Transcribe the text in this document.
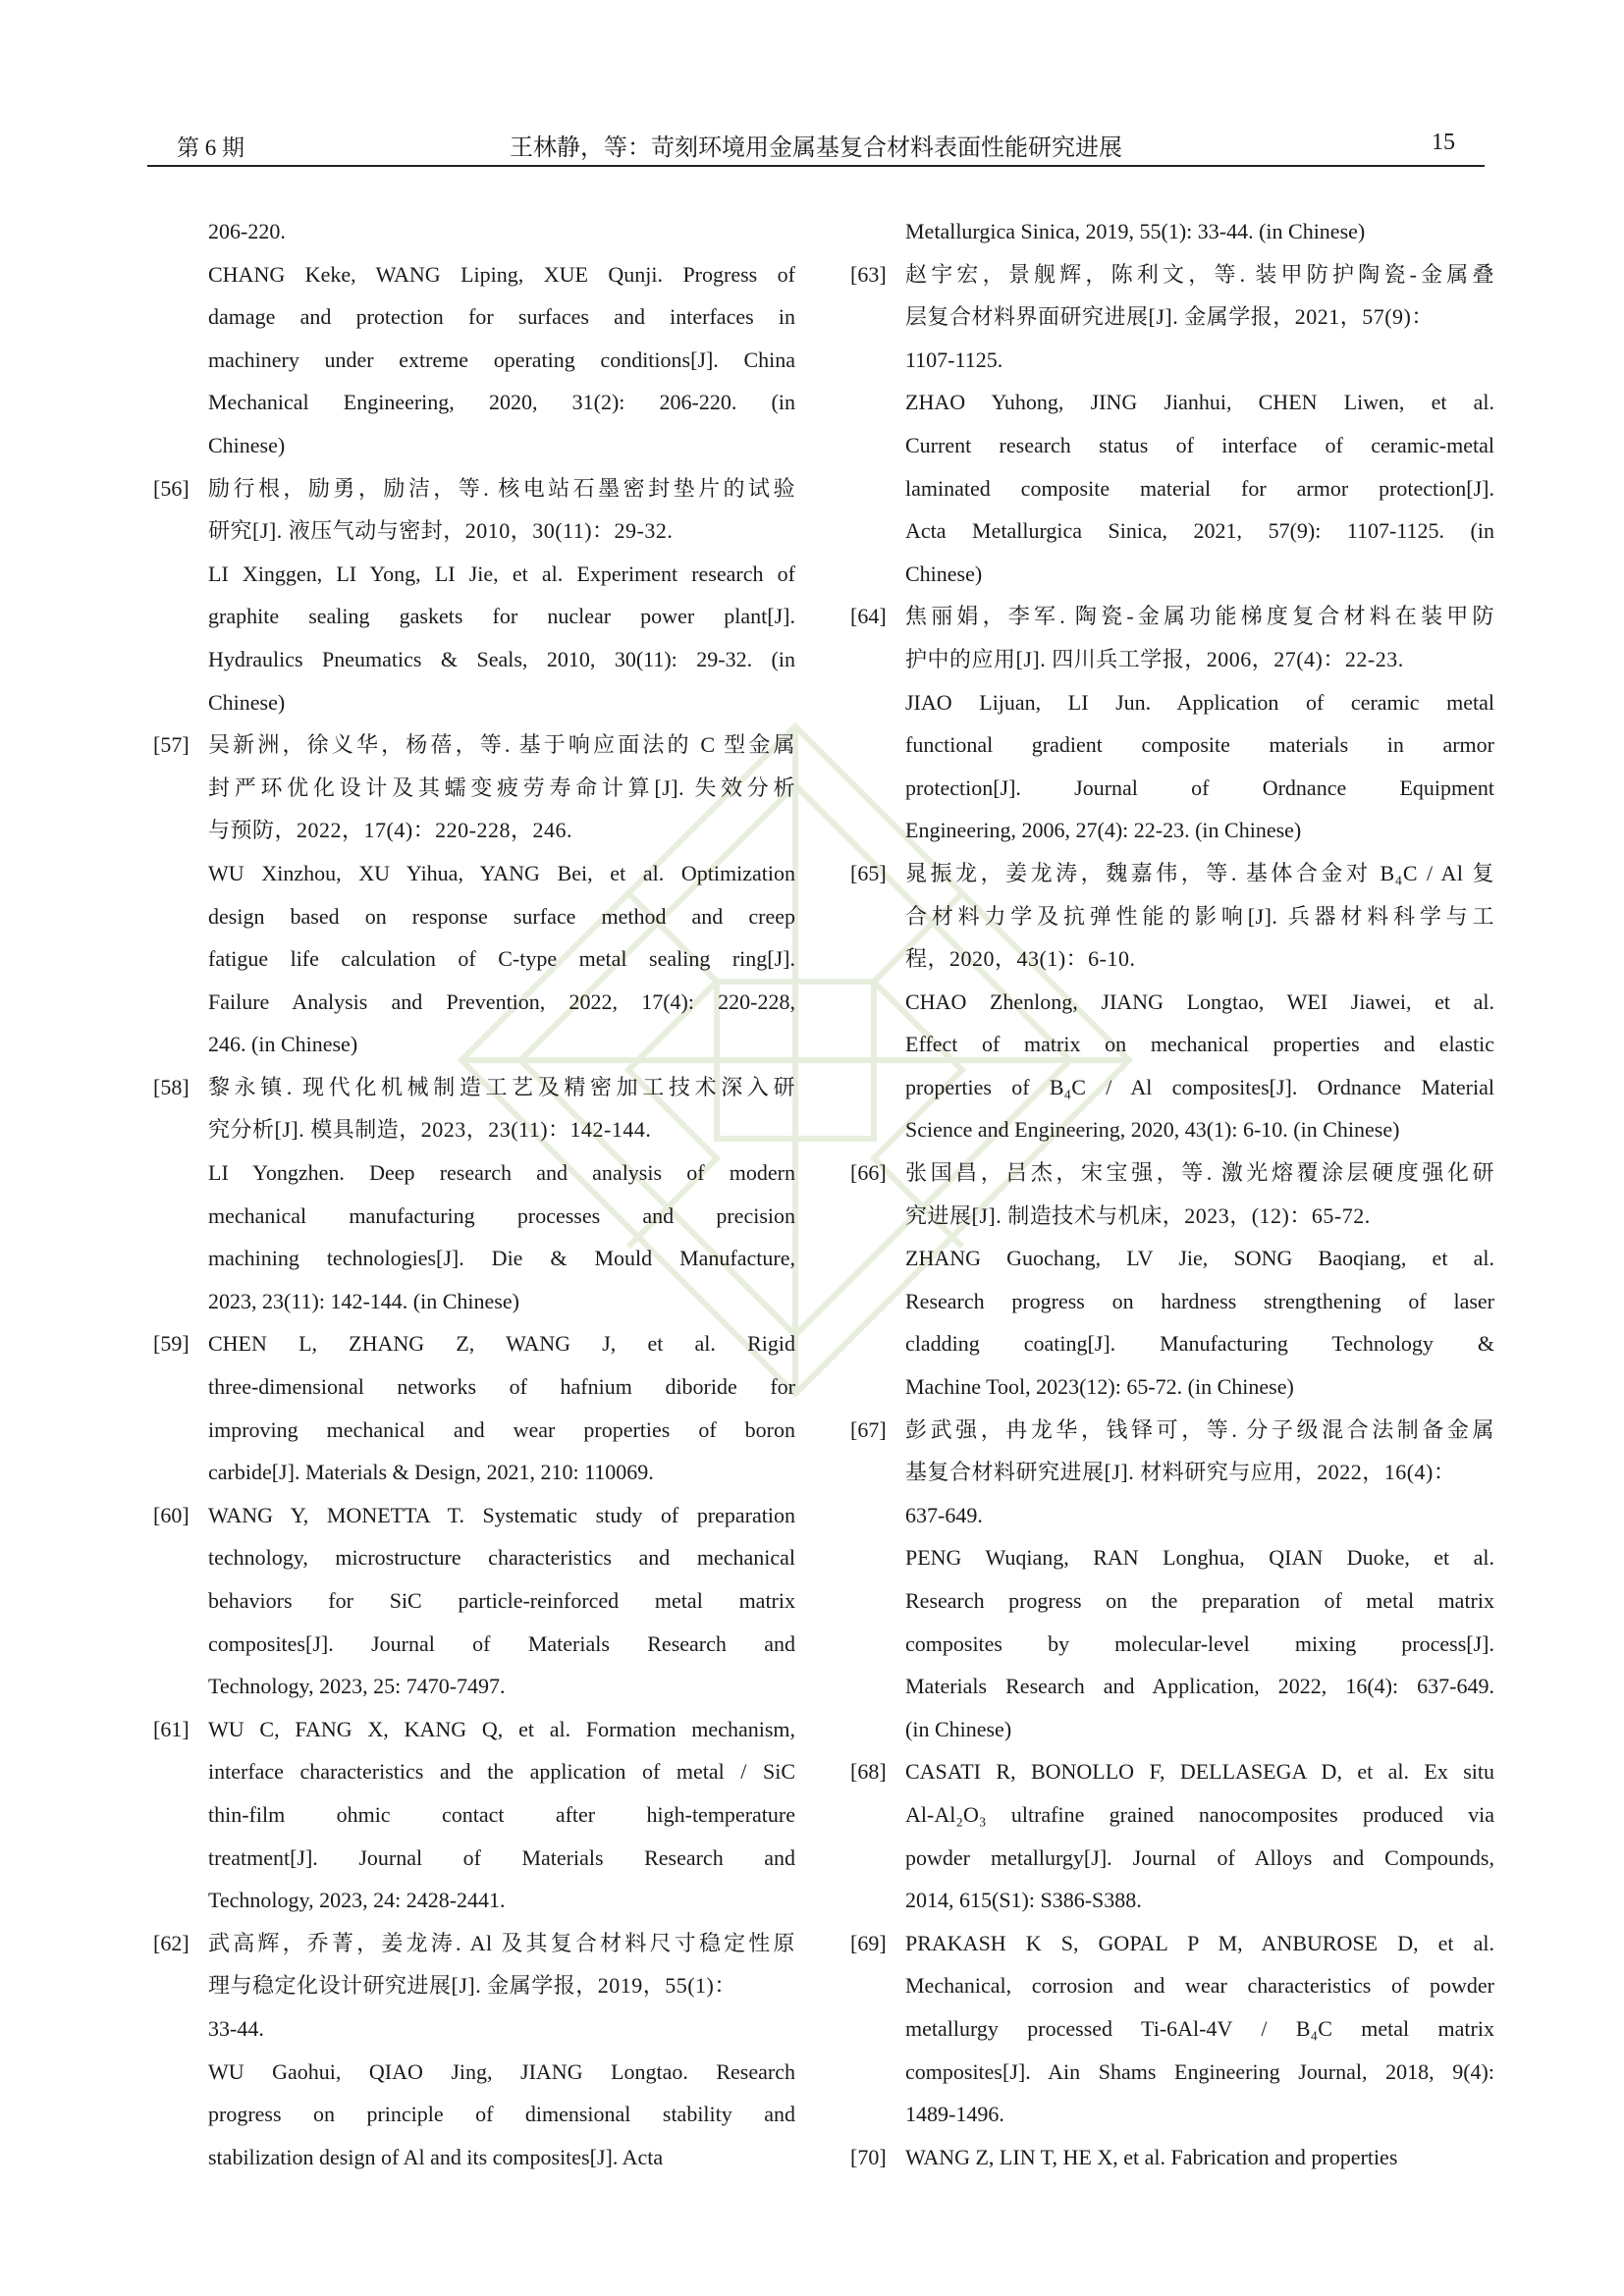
第 6 期	王林静，等：苛刻环境用金属基复合材料表面性能研究进展	15
206-220.
CHANG Keke, WANG Liping, XUE Qunji. Progress of
damage and protection for surfaces and interfaces in
machinery under extreme operating conditions[J]. China
Mechanical Engineering, 2020, 31(2): 206-220. (in
Chinese)
[56] 励行根，励勇，励洁，等. 核电站石墨密封垫片的试验
研究[J]. 液压气动与密封，2010，30(11)：29-32.
LI Xinggen, LI Yong, LI Jie, et al. Experiment research of
graphite sealing gaskets for nuclear power plant[J].
Hydraulics Pneumatics & Seals, 2010, 30(11): 29-32. (in
Chinese)
[57] 吴新洲，徐义华，杨蓓，等. 基于响应面法的 C 型金属
封严环优化设计及其蠕变疲劳寿命计算[J]. 失效分析
与预防，2022，17(4)：220-228，246.
WU Xinzhou, XU Yihua, YANG Bei, et al. Optimization
design based on response surface method and creep
fatigue life calculation of C-type metal sealing ring[J].
Failure Analysis and Prevention, 2022, 17(4): 220-228,
246. (in Chinese)
[58] 黎永镇. 现代化机械制造工艺及精密加工技术深入研
究分析[J]. 模具制造，2023，23(11)：142-144.
LI Yongzhen. Deep research and analysis of modern
mechanical manufacturing processes and precision
machining technologies[J]. Die & Mould Manufacture,
2023, 23(11): 142-144. (in Chinese)
[59] CHEN L, ZHANG Z, WANG J, et al. Rigid
three-dimensional networks of hafnium diboride for
improving mechanical and wear properties of boron
carbide[J]. Materials & Design, 2021, 210: 110069.
[60] WANG Y, MONETTA T. Systematic study of preparation
technology, microstructure characteristics and mechanical
behaviors for SiC particle-reinforced metal matrix
composites[J]. Journal of Materials Research and
Technology, 2023, 25: 7470-7497.
[61] WU C, FANG X, KANG Q, et al. Formation mechanism,
interface characteristics and the application of metal / SiC
thin-film ohmic contact after high-temperature
treatment[J]. Journal of Materials Research and
Technology, 2023, 24: 2428-2441.
[62] 武高辉，乔菁，姜龙涛. Al 及其复合材料尺寸稳定性原
理与稳定化设计研究进展[J]. 金属学报，2019，55(1)：
33-44.
WU Gaohui, QIAO Jing, JIANG Longtao. Research
progress on principle of dimensional stability and
stabilization design of Al and its composites[J]. Acta
Metallurgica Sinica, 2019, 55(1): 33-44. (in Chinese)
[63] 赵宇宏，景舰辉，陈利文，等. 装甲防护陶瓷-金属叠
层复合材料界面研究进展[J]. 金属学报，2021，57(9)：
1107-1125.
ZHAO Yuhong, JING Jianhui, CHEN Liwen, et al.
Current research status of interface of ceramic-metal
laminated composite material for armor protection[J].
Acta Metallurgica Sinica, 2021, 57(9): 1107-1125. (in
Chinese)
[64] 焦丽娟，李军. 陶瓷-金属功能梯度复合材料在装甲防
护中的应用[J]. 四川兵工学报，2006，27(4)：22-23.
JIAO Lijuan, LI Jun. Application of ceramic metal
functional gradient composite materials in armor
protection[J]. Journal of Ordnance Equipment
Engineering, 2006, 27(4): 22-23. (in Chinese)
[65] 晁振龙，姜龙涛，魏嘉伟，等. 基体合金对 B₄C / Al 复
合材料力学及抗弹性能的影响[J]. 兵器材料科学与工
程，2020，43(1)：6-10.
CHAO Zhenlong, JIANG Longtao, WEI Jiawei, et al.
Effect of matrix on mechanical properties and elastic
properties of B₄C / Al composites[J]. Ordnance Material
Science and Engineering, 2020, 43(1): 6-10. (in Chinese)
[66] 张国昌，吕杰，宋宝强，等. 激光熔覆涂层硬度强化研
究进展[J]. 制造技术与机床，2023，(12)：65-72.
ZHANG Guochang, LV Jie, SONG Baoqiang, et al.
Research progress on hardness strengthening of laser
cladding coating[J]. Manufacturing Technology &
Machine Tool, 2023(12): 65-72. (in Chinese)
[67] 彭武强，冉龙华，钱铎可，等. 分子级混合法制备金属
基复合材料研究进展[J]. 材料研究与应用，2022，16(4)：
637-649.
PENG Wuqiang, RAN Longhua, QIAN Duoke, et al.
Research progress on the preparation of metal matrix
composites by molecular-level mixing process[J].
Materials Research and Application, 2022, 16(4): 637-649.
(in Chinese)
[68] CASATI R, BONOLLO F, DELLASEGA D, et al. Ex situ
Al-Al₂O₃ ultrafine grained nanocomposites produced via
powder metallurgy[J]. Journal of Alloys and Compounds,
2014, 615(S1): S386-S388.
[69] PRAKASH K S, GOPAL P M, ANBUROSE D, et al.
Mechanical, corrosion and wear characteristics of powder
metallurgy processed Ti-6Al-4V / B₄C metal matrix
composites[J]. Ain Shams Engineering Journal, 2018, 9(4):
1489-1496.
[70] WANG Z, LIN T, HE X, et al. Fabrication and properties
